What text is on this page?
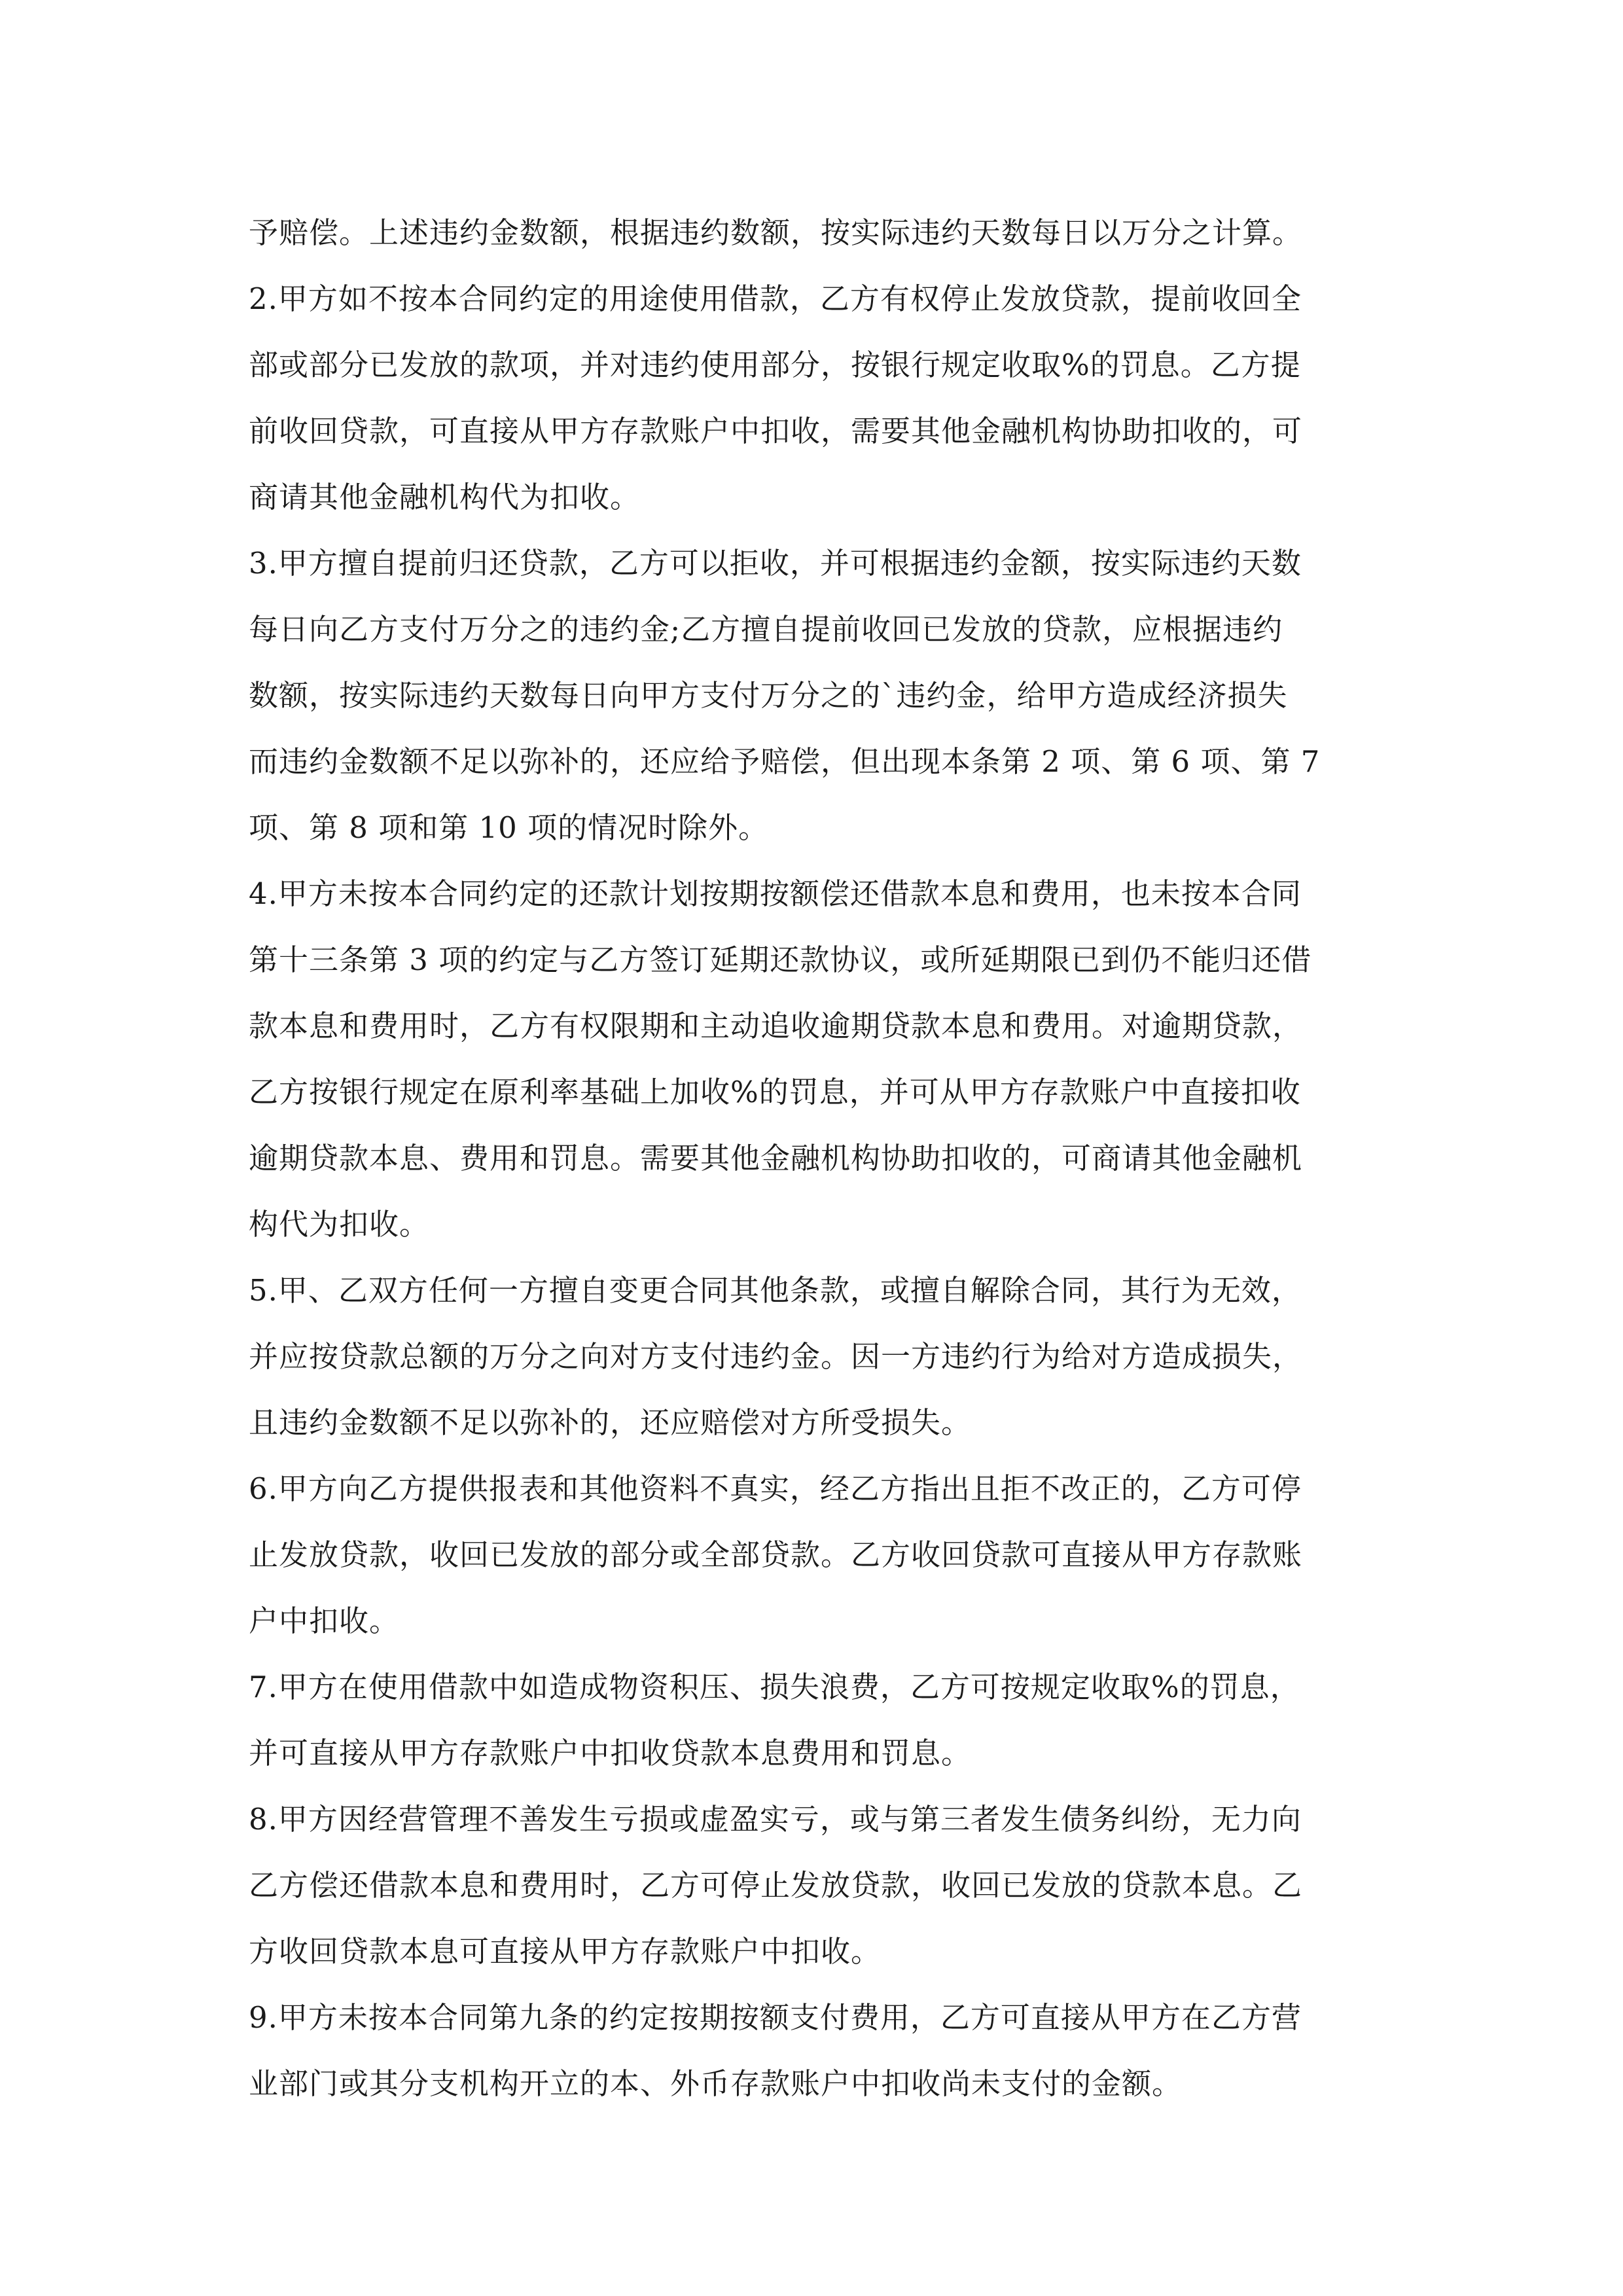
予赔偿。上述违约金数额，根据违约数额，按实际违约天数每日以万分之计算。
2.甲方如不按本合同约定的用途使用借款，乙方有权停止发放贷款，提前收回全
部或部分已发放的款项，并对违约使用部分，按银行规定收取%的罚息。乙方提
前收回贷款，可直接从甲方存款账户中扣收，需要其他金融机构协助扣收的，可
商请其他金融机构代为扣收。
3.甲方擅自提前归还贷款，乙方可以拒收，并可根据违约金额，按实际违约天数
每日向乙方支付万分之的违约金;乙方擅自提前收回已发放的贷款，应根据违约
数额，按实际违约天数每日向甲方支付万分之的`违约金，给甲方造成经济损失
而违约金数额不足以弥补的，还应给予赔偿，但出现本条第 2 项、第 6 项、第 7
项、第 8 项和第 10 项的情况时除外。
4.甲方未按本合同约定的还款计划按期按额偿还借款本息和费用，也未按本合同
第十三条第 3 项的约定与乙方签订延期还款协议，或所延期限已到仍不能归还借
款本息和费用时，乙方有权限期和主动追收逾期贷款本息和费用。对逾期贷款，
乙方按银行规定在原利率基础上加收%的罚息，并可从甲方存款账户中直接扣收
逾期贷款本息、费用和罚息。需要其他金融机构协助扣收的，可商请其他金融机
构代为扣收。
5.甲、乙双方任何一方擅自变更合同其他条款，或擅自解除合同，其行为无效，
并应按贷款总额的万分之向对方支付违约金。因一方违约行为给对方造成损失，
且违约金数额不足以弥补的，还应赔偿对方所受损失。
6.甲方向乙方提供报表和其他资料不真实，经乙方指出且拒不改正的，乙方可停
止发放贷款，收回已发放的部分或全部贷款。乙方收回贷款可直接从甲方存款账
户中扣收。
7.甲方在使用借款中如造成物资积压、损失浪费，乙方可按规定收取%的罚息，
并可直接从甲方存款账户中扣收贷款本息费用和罚息。
8.甲方因经营管理不善发生亏损或虚盈实亏，或与第三者发生债务纠纷，无力向
乙方偿还借款本息和费用时，乙方可停止发放贷款，收回已发放的贷款本息。乙
方收回贷款本息可直接从甲方存款账户中扣收。
9.甲方未按本合同第九条的约定按期按额支付费用，乙方可直接从甲方在乙方营
业部门或其分支机构开立的本、外币存款账户中扣收尚未支付的金额。
